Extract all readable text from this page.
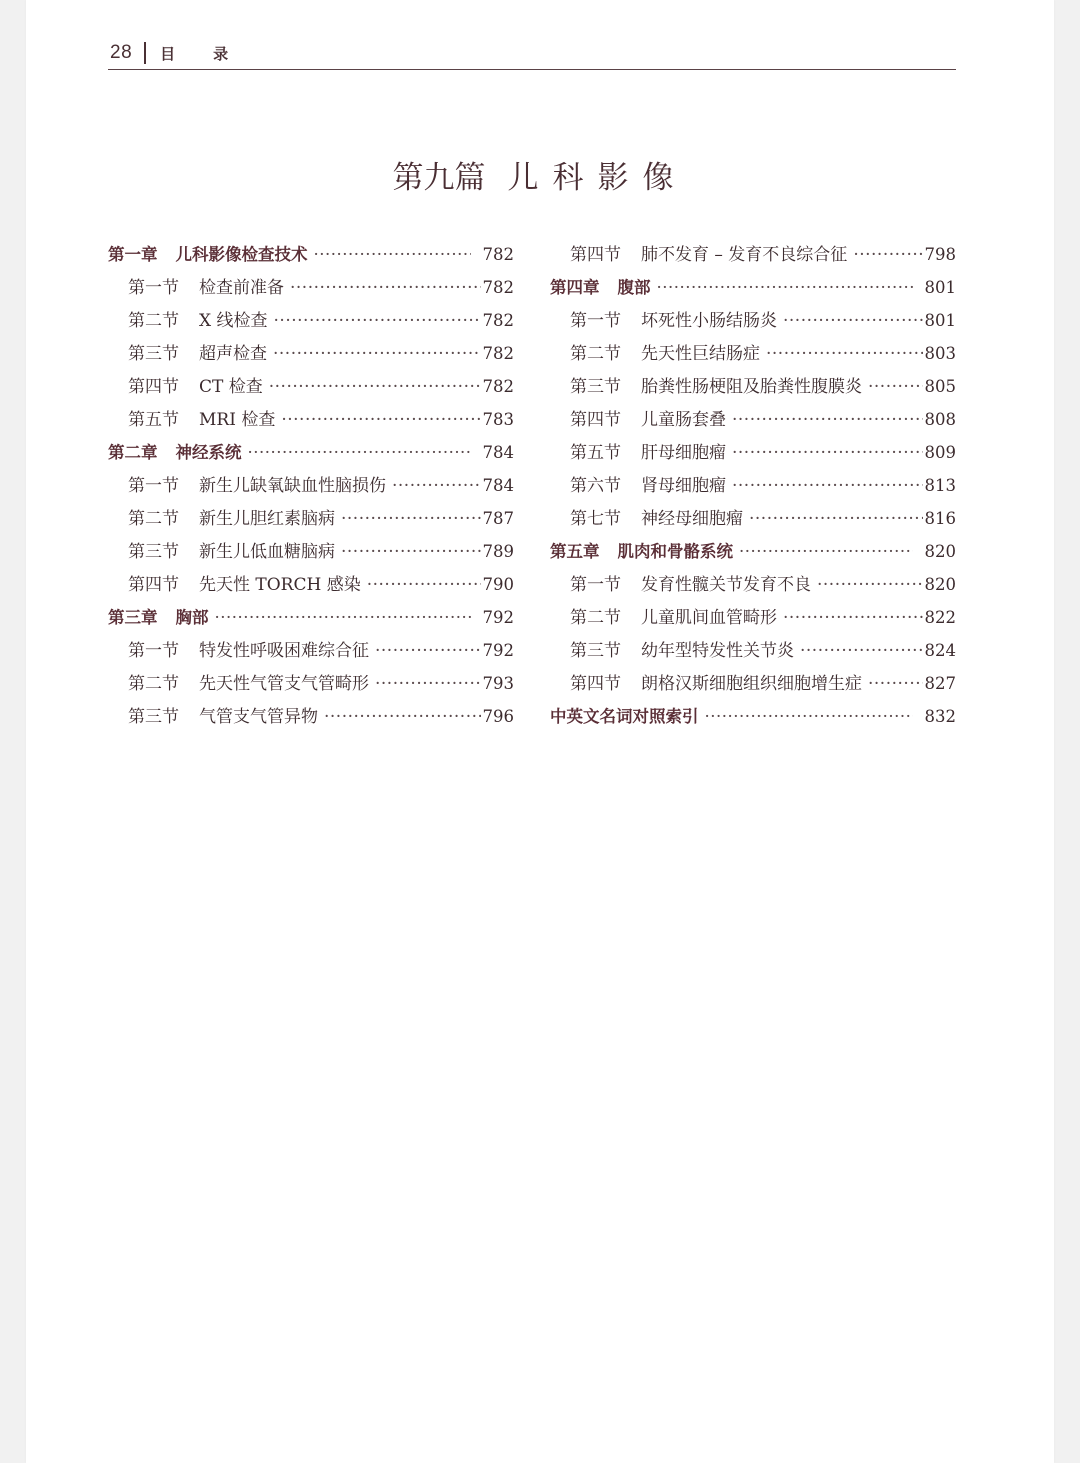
28 目录
第九篇 儿科影像
第一章 儿科影像检查技术 ·····	782
第一节 检查前准备 ·····	782
第二节 X 线检查 ·····	782
第三节 超声检查 ·····	782
第四节 CT 检查 ·····	782
第五节 MRI 检查 ·····	783
第二章 神经系统 ·····	784
第一节 新生儿缺氧缺血性脑损伤 ·····	784
第二节 新生儿胆红素脑病 ·····	787
第三节 新生儿低血糖脑病 ·····	789
第四节 先天性 TORCH 感染 ·····	790
第三章 胸部 ·····	792
第一节 特发性呼吸困难综合征 ·····	792
第二节 先天性气管支气管畸形 ·····	793
第三节 气管支气管异物 ·····	796
第四节 肺不发育 – 发育不良综合征 ·····	798
第四章 腹部 ·····	801
第一节 坏死性小肠结肠炎 ·····	801
第二节 先天性巨结肠症 ·····	803
第三节 胎粪性肠梗阻及胎粪性腹膜炎 ·····	805
第四节 儿童肠套叠 ·····	808
第五节 肝母细胞瘤 ·····	809
第六节 肾母细胞瘤 ·····	813
第七节 神经母细胞瘤 ·····	816
第五章 肌肉和骨骼系统 ·····	820
第一节 发育性髋关节发育不良 ·····	820
第二节 儿童肌间血管畸形 ·····	822
第三节 幼年型特发性关节炎 ·····	824
第四节 朗格汉斯细胞组织细胞增生症 ·····	827
中英文名词对照索引 ·····	832
